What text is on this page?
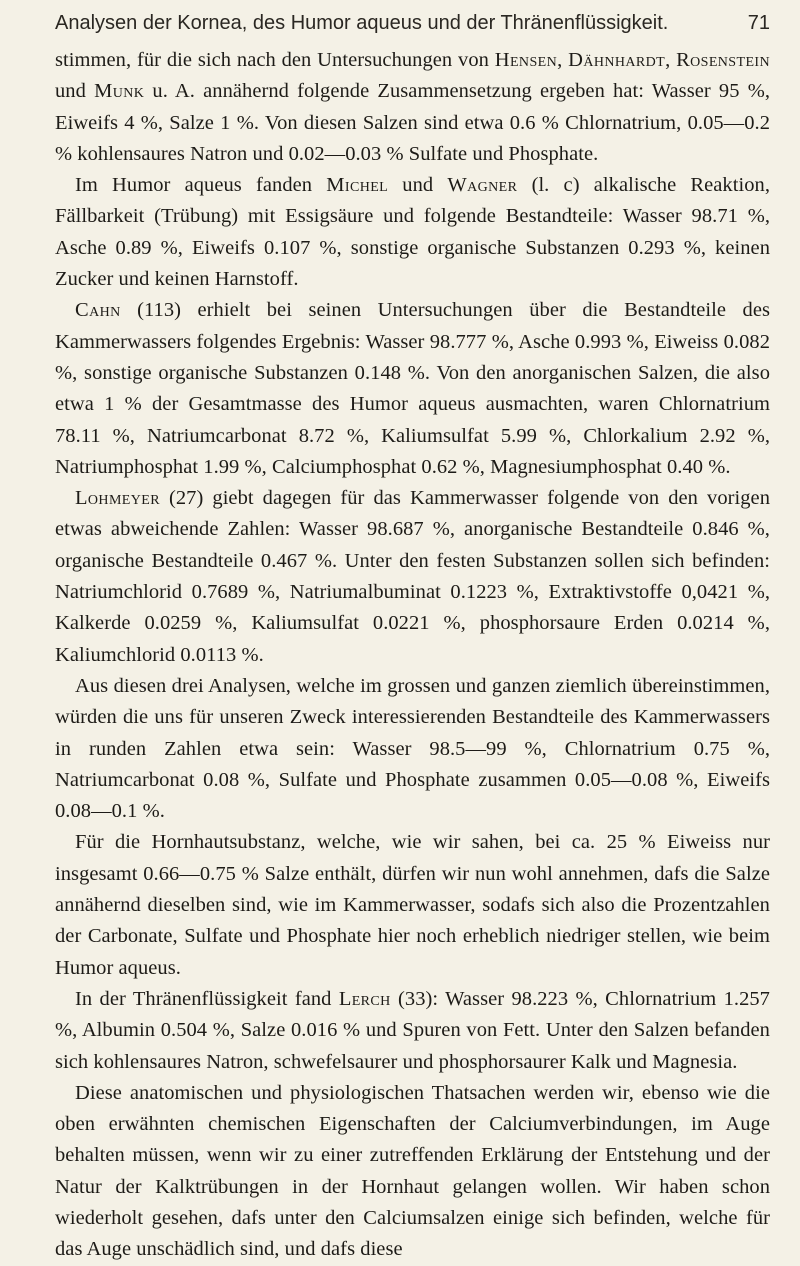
Analysen der Kornea, des Humor aqueus und der Thränenflüssigkeit.	71

stimmen, für die sich nach den Untersuchungen von Hensen, Dähnhardt, Rosenstein und Munk u. A. annähernd folgende Zusammensetzung ergeben hat: Wasser 95 %, Eiweifs 4 %, Salze 1 %. Von diesen Salzen sind etwa 0.6 % Chlornatrium, 0.05—0.2 % kohlensaures Natron und 0.02—0.03 % Sulfate und Phosphate.

Im Humor aqueus fanden Michel und Wagner (l. c) alkalische Reaktion, Fällbarkeit (Trübung) mit Essigsäure und folgende Bestandteile: Wasser 98.71 %, Asche 0.89 %, Eiweifs 0.107 %, sonstige organische Substanzen 0.293 %, keinen Zucker und keinen Harnstoff.

Cahn (113) erhielt bei seinen Untersuchungen über die Bestandteile des Kammerwassers folgendes Ergebnis: Wasser 98.777 %, Asche 0.993 %, Eiweiss 0.082 %, sonstige organische Substanzen 0.148 %. Von den anorganischen Salzen, die also etwa 1 % der Gesamtmasse des Humor aqueus ausmachten, waren Chlornatrium 78.11 %, Natriumcarbonat 8.72 %, Kaliumsulfat 5.99 %, Chlorkalium 2.92 %, Natriumphosphat 1.99 %, Calciumphosphat 0.62 %, Magnesiumphosphat 0.40 %.

Lohmeyer (27) giebt dagegen für das Kammerwasser folgende von den vorigen etwas abweichende Zahlen: Wasser 98.687 %, anorganische Bestandteile 0.846 %, organische Bestandteile 0.467 %. Unter den festen Substanzen sollen sich befinden: Natriumchlorid 0.7689 %, Natriumalbuminat 0.1223 %, Extraktivstoffe 0,0421 %, Kalkerde 0.0259 %, Kaliumsulfat 0.0221 %, phosphorsaure Erden 0.0214 %, Kaliumchlorid 0.0113 %.

Aus diesen drei Analysen, welche im grossen und ganzen ziemlich übereinstimmen, würden die uns für unseren Zweck interessierenden Bestandteile des Kammerwassers in runden Zahlen etwa sein: Wasser 98.5—99 %, Chlornatrium 0.75 %, Natriumcarbonat 0.08 %, Sulfate und Phosphate zusammen 0.05—0.08 %, Eiweifs 0.08—0.1 %.

Für die Hornhautsubstanz, welche, wie wir sahen, bei ca. 25 % Eiweiss nur insgesamt 0.66—0.75 % Salze enthält, dürfen wir nun wohl annehmen, dafs die Salze annähernd dieselben sind, wie im Kammerwasser, sodafs sich also die Prozentzahlen der Carbonate, Sulfate und Phosphate hier noch erheblich niedriger stellen, wie beim Humor aqueus.

In der Thränenflüssigkeit fand Lerch (33): Wasser 98.223 %, Chlornatrium 1.257 %, Albumin 0.504 %, Salze 0.016 % und Spuren von Fett. Unter den Salzen befanden sich kohlensaures Natron, schwefelsaurer und phosphorsaurer Kalk und Magnesia.

Diese anatomischen und physiologischen Thatsachen werden wir, ebenso wie die oben erwähnten chemischen Eigenschaften der Calciumverbindungen, im Auge behalten müssen, wenn wir zu einer zutreffenden Erklärung der Entstehung und der Natur der Kalktrübungen in der Hornhaut gelangen wollen. Wir haben schon wiederholt gesehen, dafs unter den Calciumsalzen einige sich befinden, welche für das Auge unschädlich sind, und dafs diese
